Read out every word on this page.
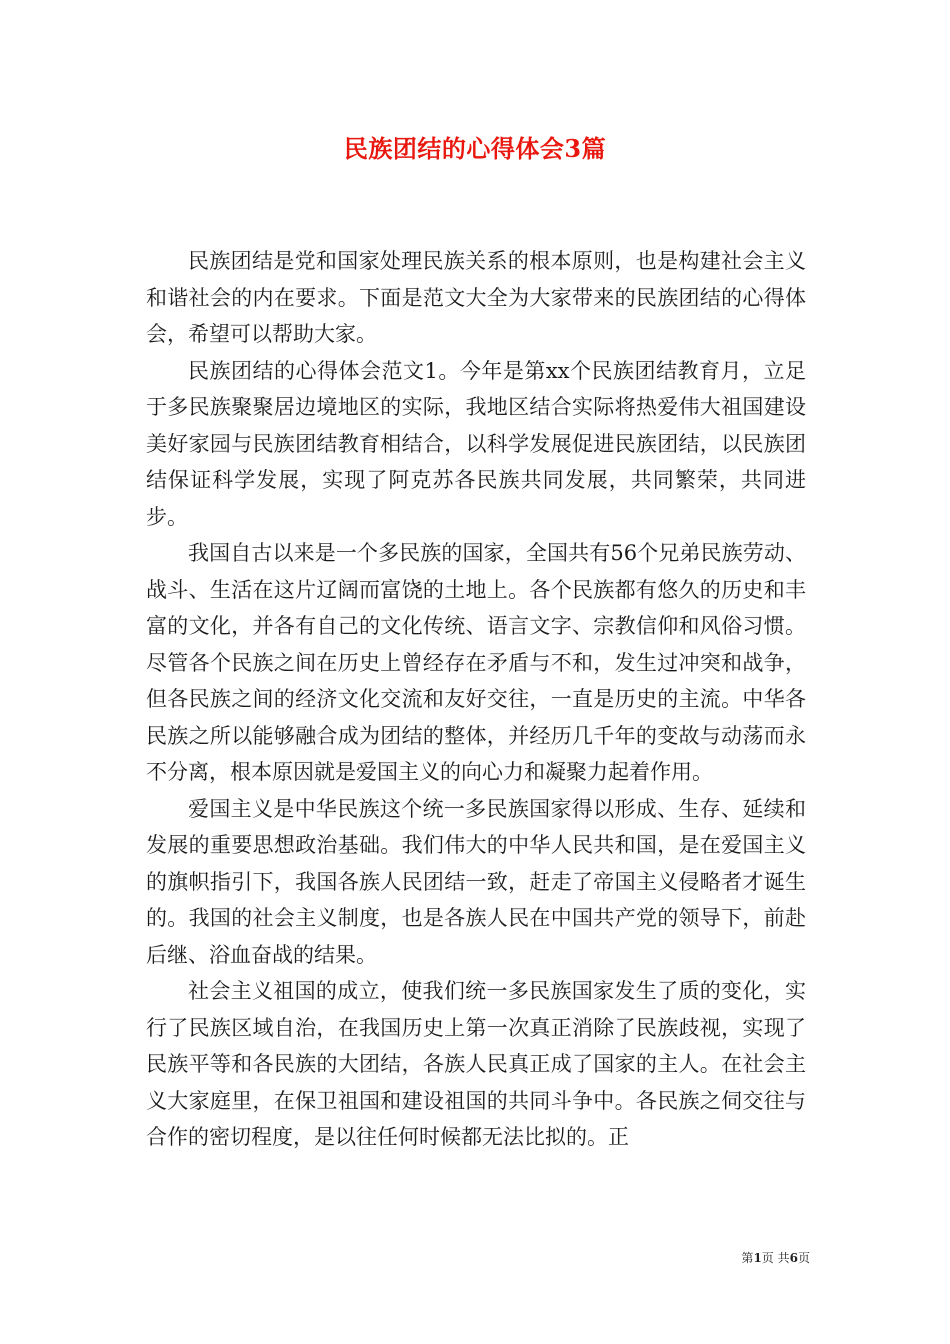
民族团结的心得体会3篇

民族团结是党和国家处理民族关系的根本原则，也是构建社会主义和谐社会的内在要求。下面是范文大全为大家带来的民族团结的心得体会，希望可以帮助大家。

民族团结的心得体会范文1。今年是第xx个民族团结教育月，立足于多民族聚聚居边境地区的实际，我地区结合实际将热爱伟大祖国建设美好家园与民族团结教育相结合，以科学发展促进民族团结，以民族团结保证科学发展，实现了阿克苏各民族共同发展，共同繁荣，共同进步。

我国自古以来是一个多民族的国家，全国共有56个兄弟民族劳动、战斗、生活在这片辽阔而富饶的土地上。各个民族都有悠久的历史和丰富的文化，并各有自己的文化传统、语言文字、宗教信仰和风俗习惯。尽管各个民族之间在历史上曾经存在矛盾与不和，发生过冲突和战争，但各民族之间的经济文化交流和友好交往，一直是历史的主流。中华各民族之所以能够融合成为团结的整体，并经历几千年的变故与动荡而永不分离，根本原因就是爱国主义的向心力和凝聚力起着作用。

爱国主义是中华民族这个统一多民族国家得以形成、生存、延续和发展的重要思想政治基础。我们伟大的中华人民共和国，是在爱国主义的旗帜指引下，我国各族人民团结一致，赶走了帝国主义侵略者才诞生的。我国的社会主义制度，也是各族人民在中国共产党的领导下，前赴后继、浴血奋战的结果。

社会主义祖国的成立，使我们统一多民族国家发生了质的变化，实行了民族区域自治，在我国历史上第一次真正消除了民族歧视，实现了民族平等和各民族的大团结，各族人民真正成了国家的主人。在社会主义大家庭里，在保卫祖国和建设祖国的共同斗争中。各民族之伺交往与合作的密切程度，是以往任何时候都无法比拟的。正

第1页 共6页
